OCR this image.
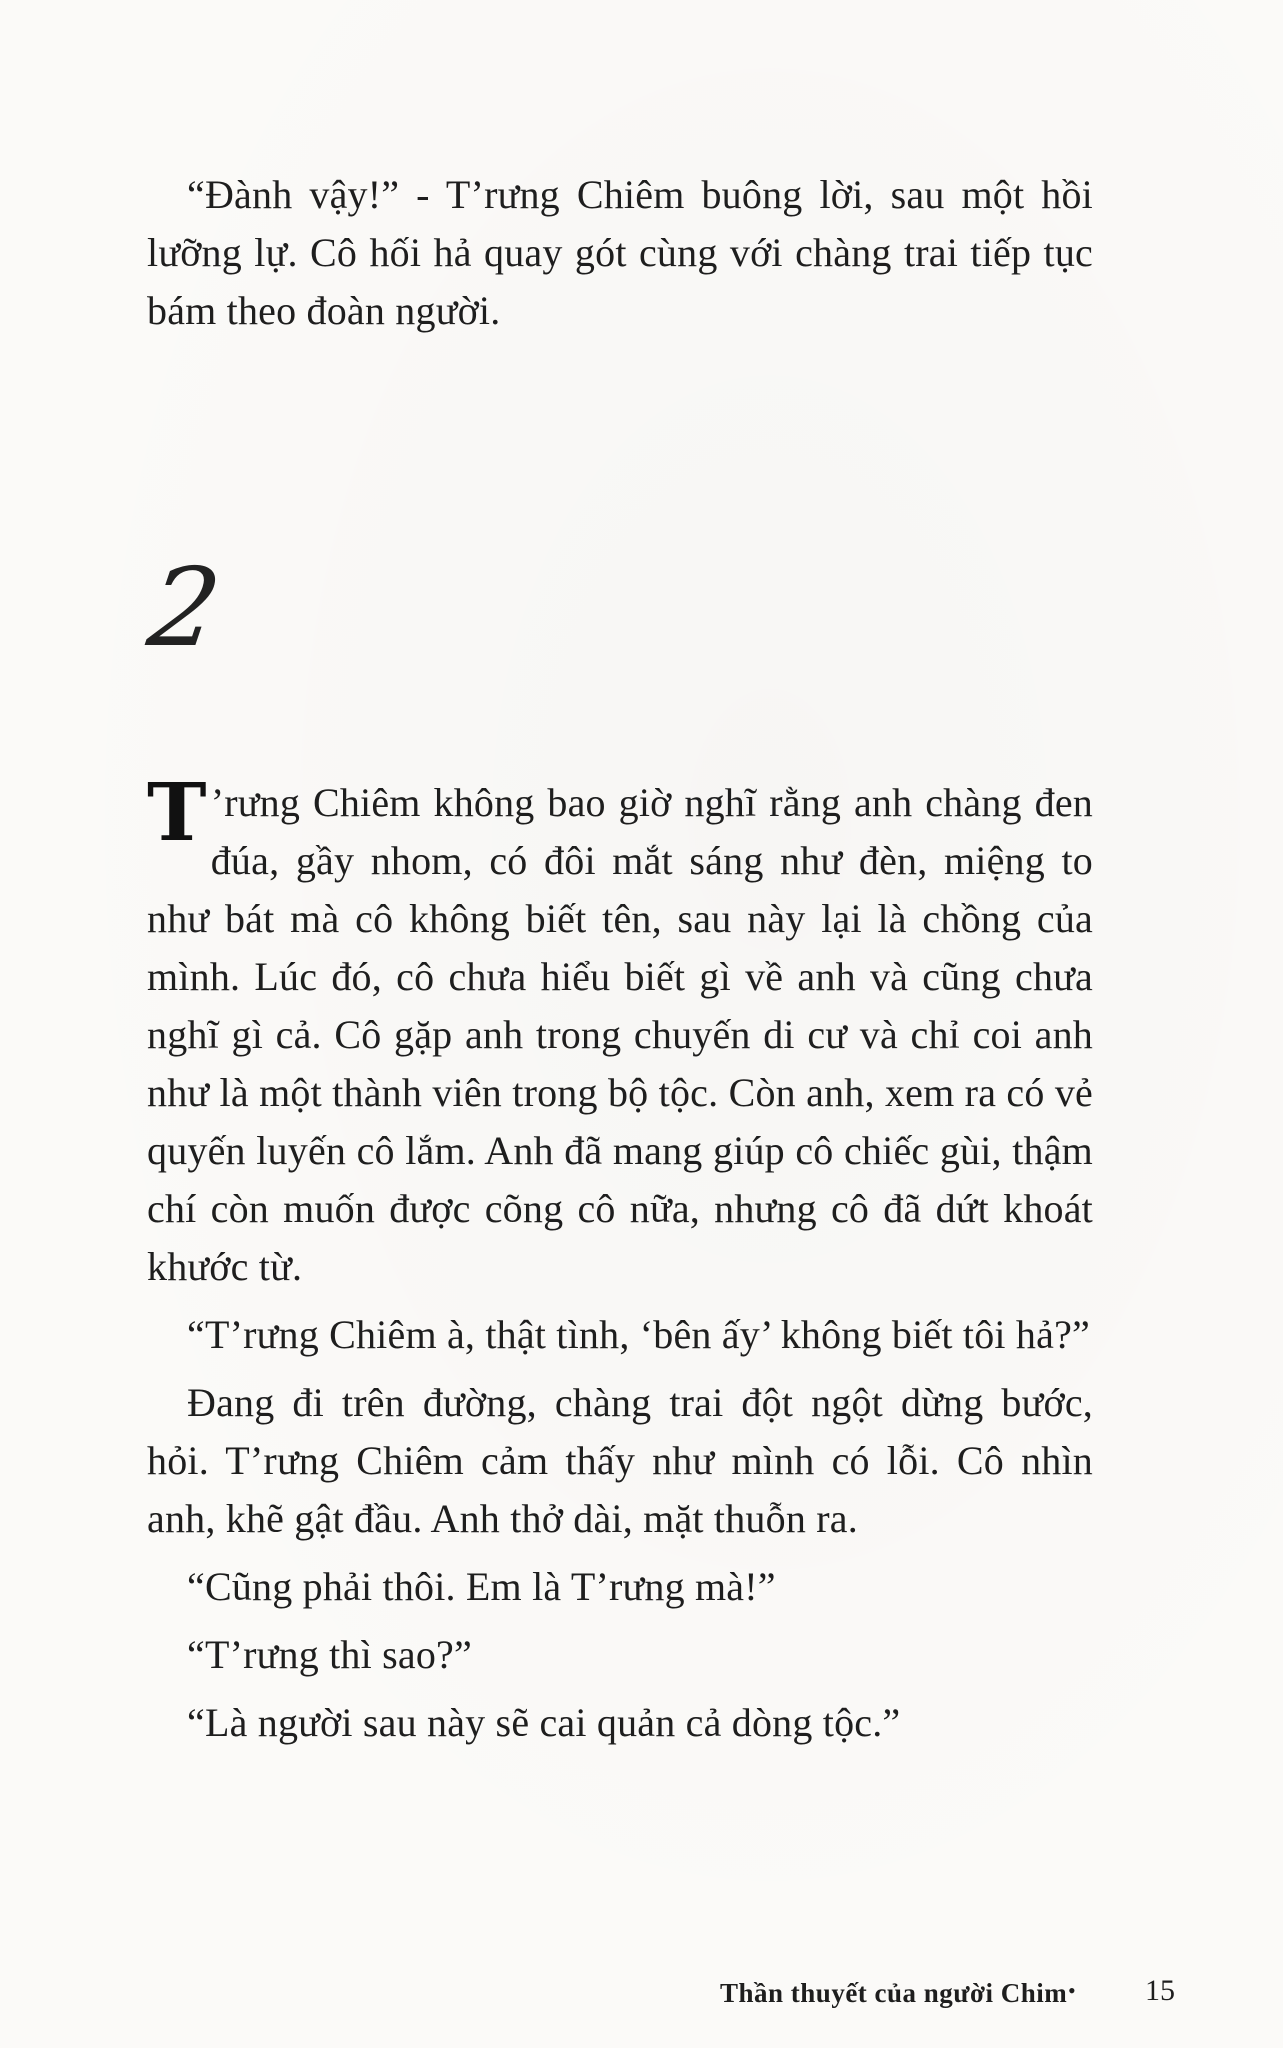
“Đành vậy!” - T’rưng Chiêm buông lời, sau một hồi lưỡng lự. Cô hối hả quay gót cùng với chàng trai tiếp tục bám theo đoàn người.

2

T ’rưng Chiêm không bao giờ nghĩ rằng anh chàng đen đúa, gầy nhom, có đôi mắt sáng như đèn, miệng to như bát mà cô không biết tên, sau này lại là chồng của mình. Lúc đó, cô chưa hiểu biết gì về anh và cũng chưa nghĩ gì cả. Cô gặp anh trong chuyến di cư và chỉ coi anh như là một thành viên trong bộ tộc. Còn anh, xem ra có vẻ quyến luyến cô lắm. Anh đã mang giúp cô chiếc gùi, thậm chí còn muốn được cõng cô nữa, nhưng cô đã dứt khoát khước từ.

“T’rưng Chiêm à, thật tình, ‘bên ấy’ không biết tôi hả?”

Đang đi trên đường, chàng trai đột ngột dừng bước, hỏi. T’rưng Chiêm cảm thấy như mình có lỗi. Cô nhìn anh, khẽ gật đầu. Anh thở dài, mặt thuỗn ra.

“Cũng phải thôi. Em là T’rưng mà!”

“T’rưng thì sao?”

“Là người sau này sẽ cai quản cả dòng tộc.”

Thần thuyết của người Chim • 15
